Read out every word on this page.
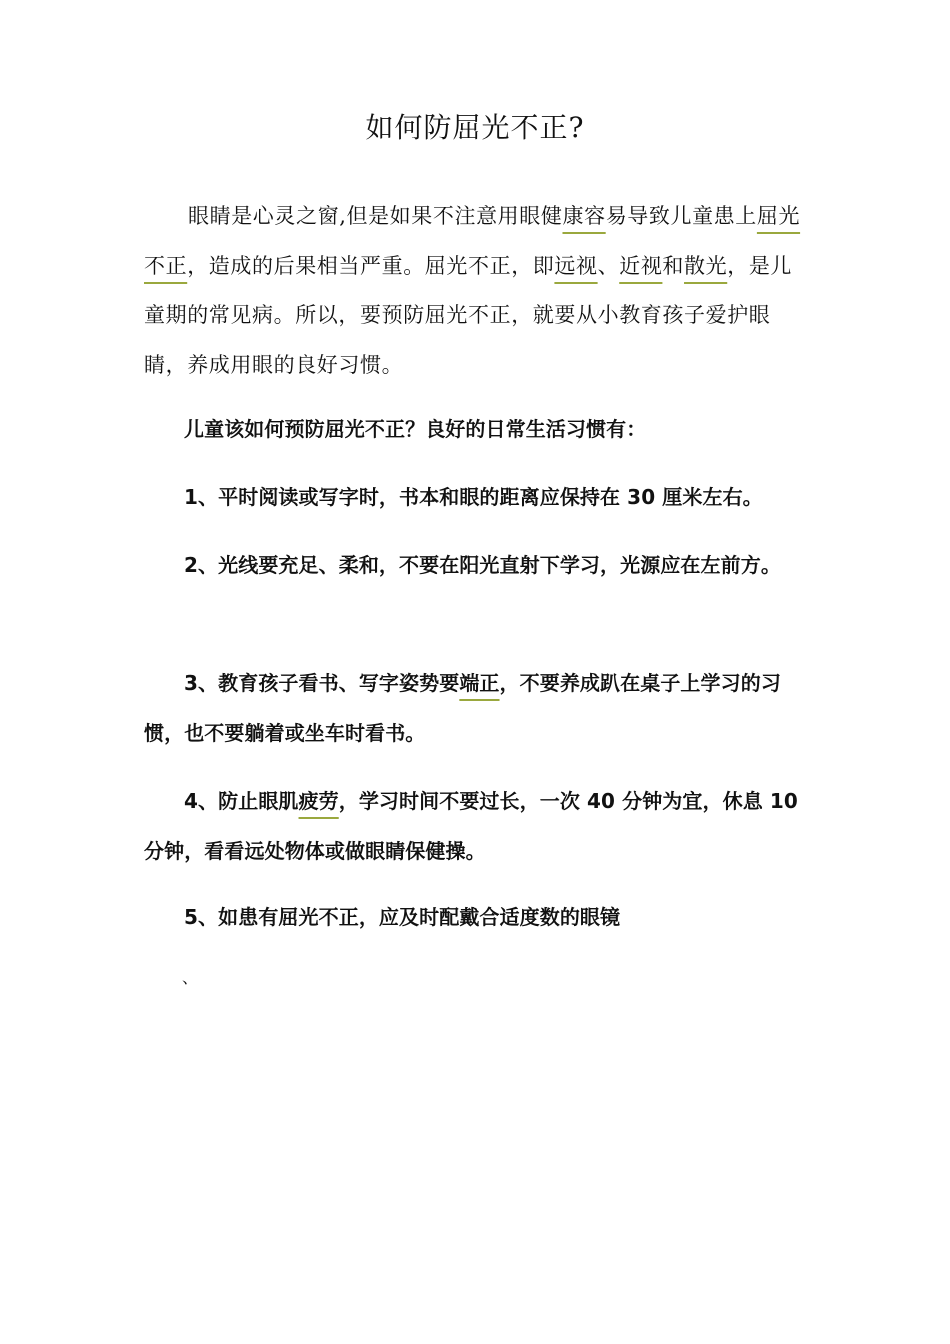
如何防屈光不正?

眼睛是心灵之窗,但是如果不注意用眼健康容易导致儿童患上屈光不正，造成的后果相当严重。屈光不正，即远视、近视和散光，是儿童期的常见病。所以，要预防屈光不正，就要从小教育孩子爱护眼睛，养成用眼的良好习惯。

儿童该如何预防屈光不正？良好的日常生活习惯有：

1、平时阅读或写字时，书本和眼的距离应保持在 30 厘米左右。

2、光线要充足、柔和，不要在阳光直射下学习，光源应在左前方。

3、教育孩子看书、写字姿势要端正，不要养成趴在桌子上学习的习惯，也不要躺着或坐车时看书。

4、防止眼肌疲劳，学习时间不要过长，一次 40 分钟为宜，休息 10 分钟，看看远处物体或做眼睛保健操。

5、如患有屈光不正，应及时配戴合适度数的眼镜

、
